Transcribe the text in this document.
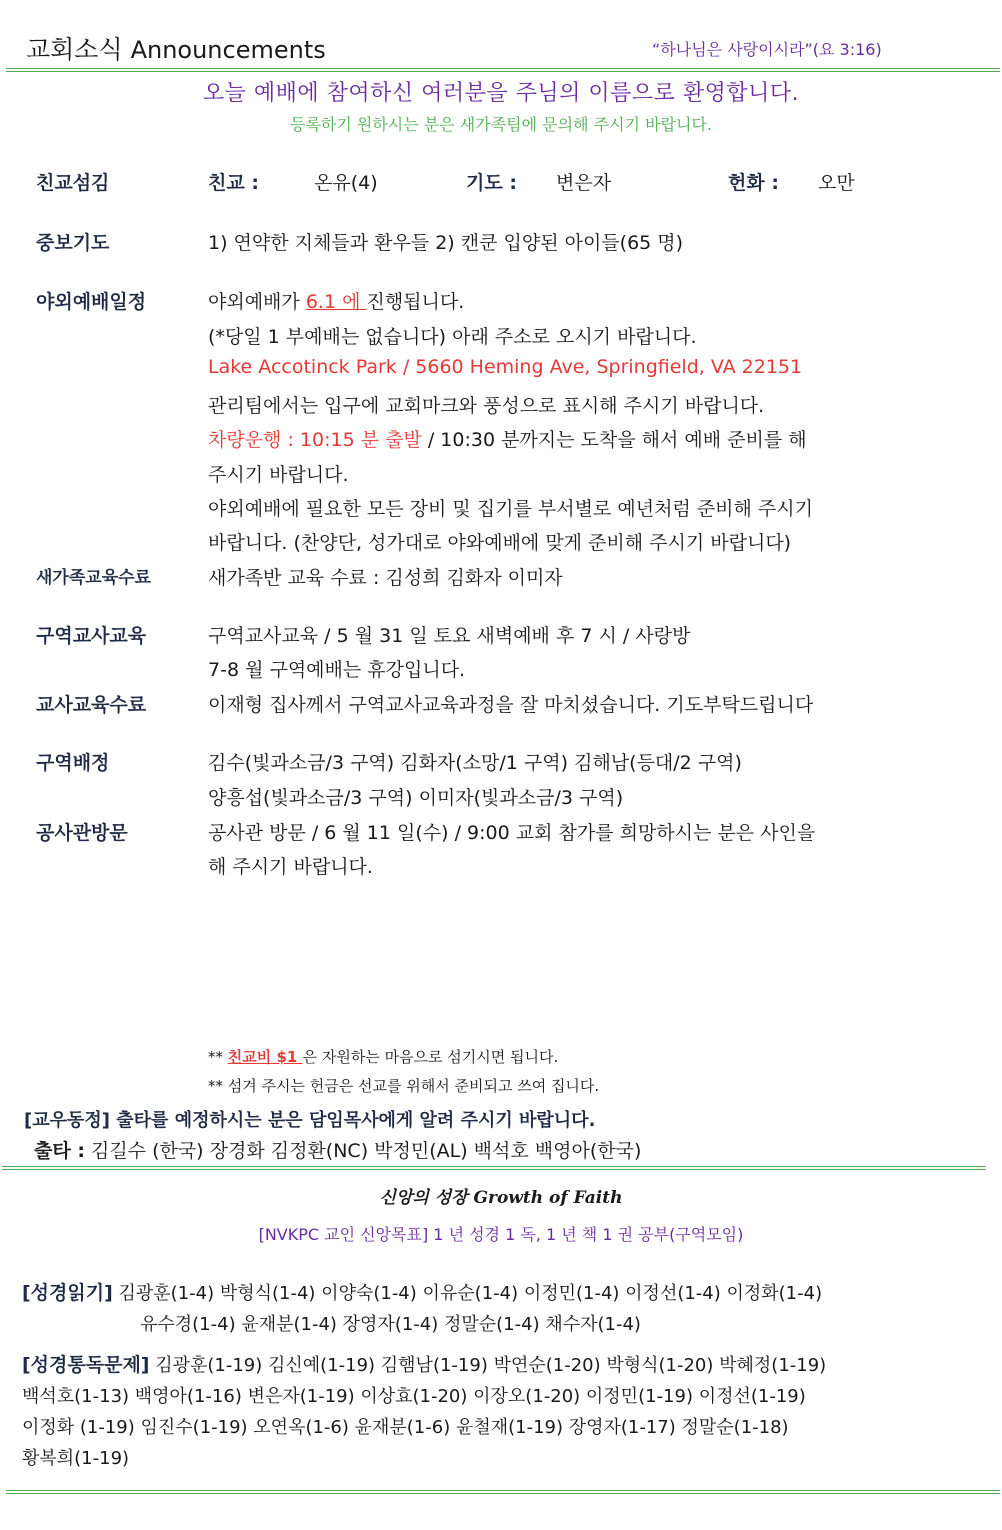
교회소식 Announcements	“하나님은 사랑이시라”(요 3:16)
오늘 예배에 참여하신 여러분을 주님의 이름으로 환영합니다.
등록하기 원하시는 분은 새가족팀에 문의해 주시기 바랍니다.
친교섬김	친교 :	온유(4)	기도 : 변은자	헌화 : 오만
중보기도	1) 연약한 지체들과 환우들 2) 캔쿤 입양된 아이들(65 명)
야외예배일정	야외예배가 6.1 에 진행됩니다.
(*당일 1 부예배는 없습니다) 아래 주소로 오시기 바랍니다.
Lake Accotinck Park / 5660 Heming Ave, Springfield, VA 22151
관리팀에서는 입구에 교회마크와 풍성으로 표시해 주시기 바랍니다.
차량운행 : 10:15 분 출발 / 10:30 분까지는 도착을 해서 예배 준비를 해
주시기 바랍니다.
야외예배에 필요한 모든 장비 및 집기를 부서별로 예년처럼 준비해 주시기
바랍니다. (찬양단, 성가대로 야와예배에 맞게 준비해 주시기 바랍니다)
새가족교육수료	새가족반 교육 수료 : 김성희 김화자 이미자
구역교사교육	구역교사교육 / 5 월 31 일 토요 새벽예배 후 7 시 / 사랑방
7-8 월 구역예배는 휴강입니다.
교사교육수료	이재형 집사께서 구역교사교육과정을 잘 마치셨습니다. 기도부탁드립니다
구역배정	김수(빛과소금/3 구역) 김화자(소망/1 구역) 김해남(등대/2 구역)
양흥섭(빛과소금/3 구역) 이미자(빛과소금/3 구역)
공사관방문	공사관 방문 / 6 월 11 일(수) / 9:00 교회 참가를 희망하시는 분은 사인을
해 주시기 바랍니다.
** 친교비 $1 은 자원하는 마음으로 섬기시면 됩니다.
** 섬겨 주시는 헌금은 선교를 위해서 준비되고 쓰여 집니다.
[교우동정] 출타를 예정하시는 분은 담임목사에게 알려 주시기 바랍니다.
출타 : 김길수 (한국) 장경화 김정환(NC) 박정민(AL) 백석호 백영아(한국)
신앙의 성장 Growth of Faith
[NVKPC 교인 신앙목표] 1 년 성경 1 독, 1 년 책 1 권 공부(구역모임)
[성경읽기] 김광훈(1-4) 박형식(1-4) 이양숙(1-4) 이유순(1-4) 이정민(1-4) 이정선(1-4) 이정화(1-4)
유수경(1-4) 윤재분(1-4) 장영자(1-4) 정말순(1-4) 채수자(1-4)
[성경통독문제] 김광훈(1-19) 김신예(1-19) 김햄남(1-19) 박연순(1-20) 박형식(1-20) 박혜정(1-19)
백석호(1-13) 백영아(1-16) 변은자(1-19) 이상효(1-20) 이장오(1-20) 이정민(1-19) 이정선(1-19)
이정화 (1-19) 임진수(1-19) 오연옥(1-6) 윤재분(1-6) 윤철재(1-19) 장영자(1-17) 정말순(1-18)
황복희(1-19)
